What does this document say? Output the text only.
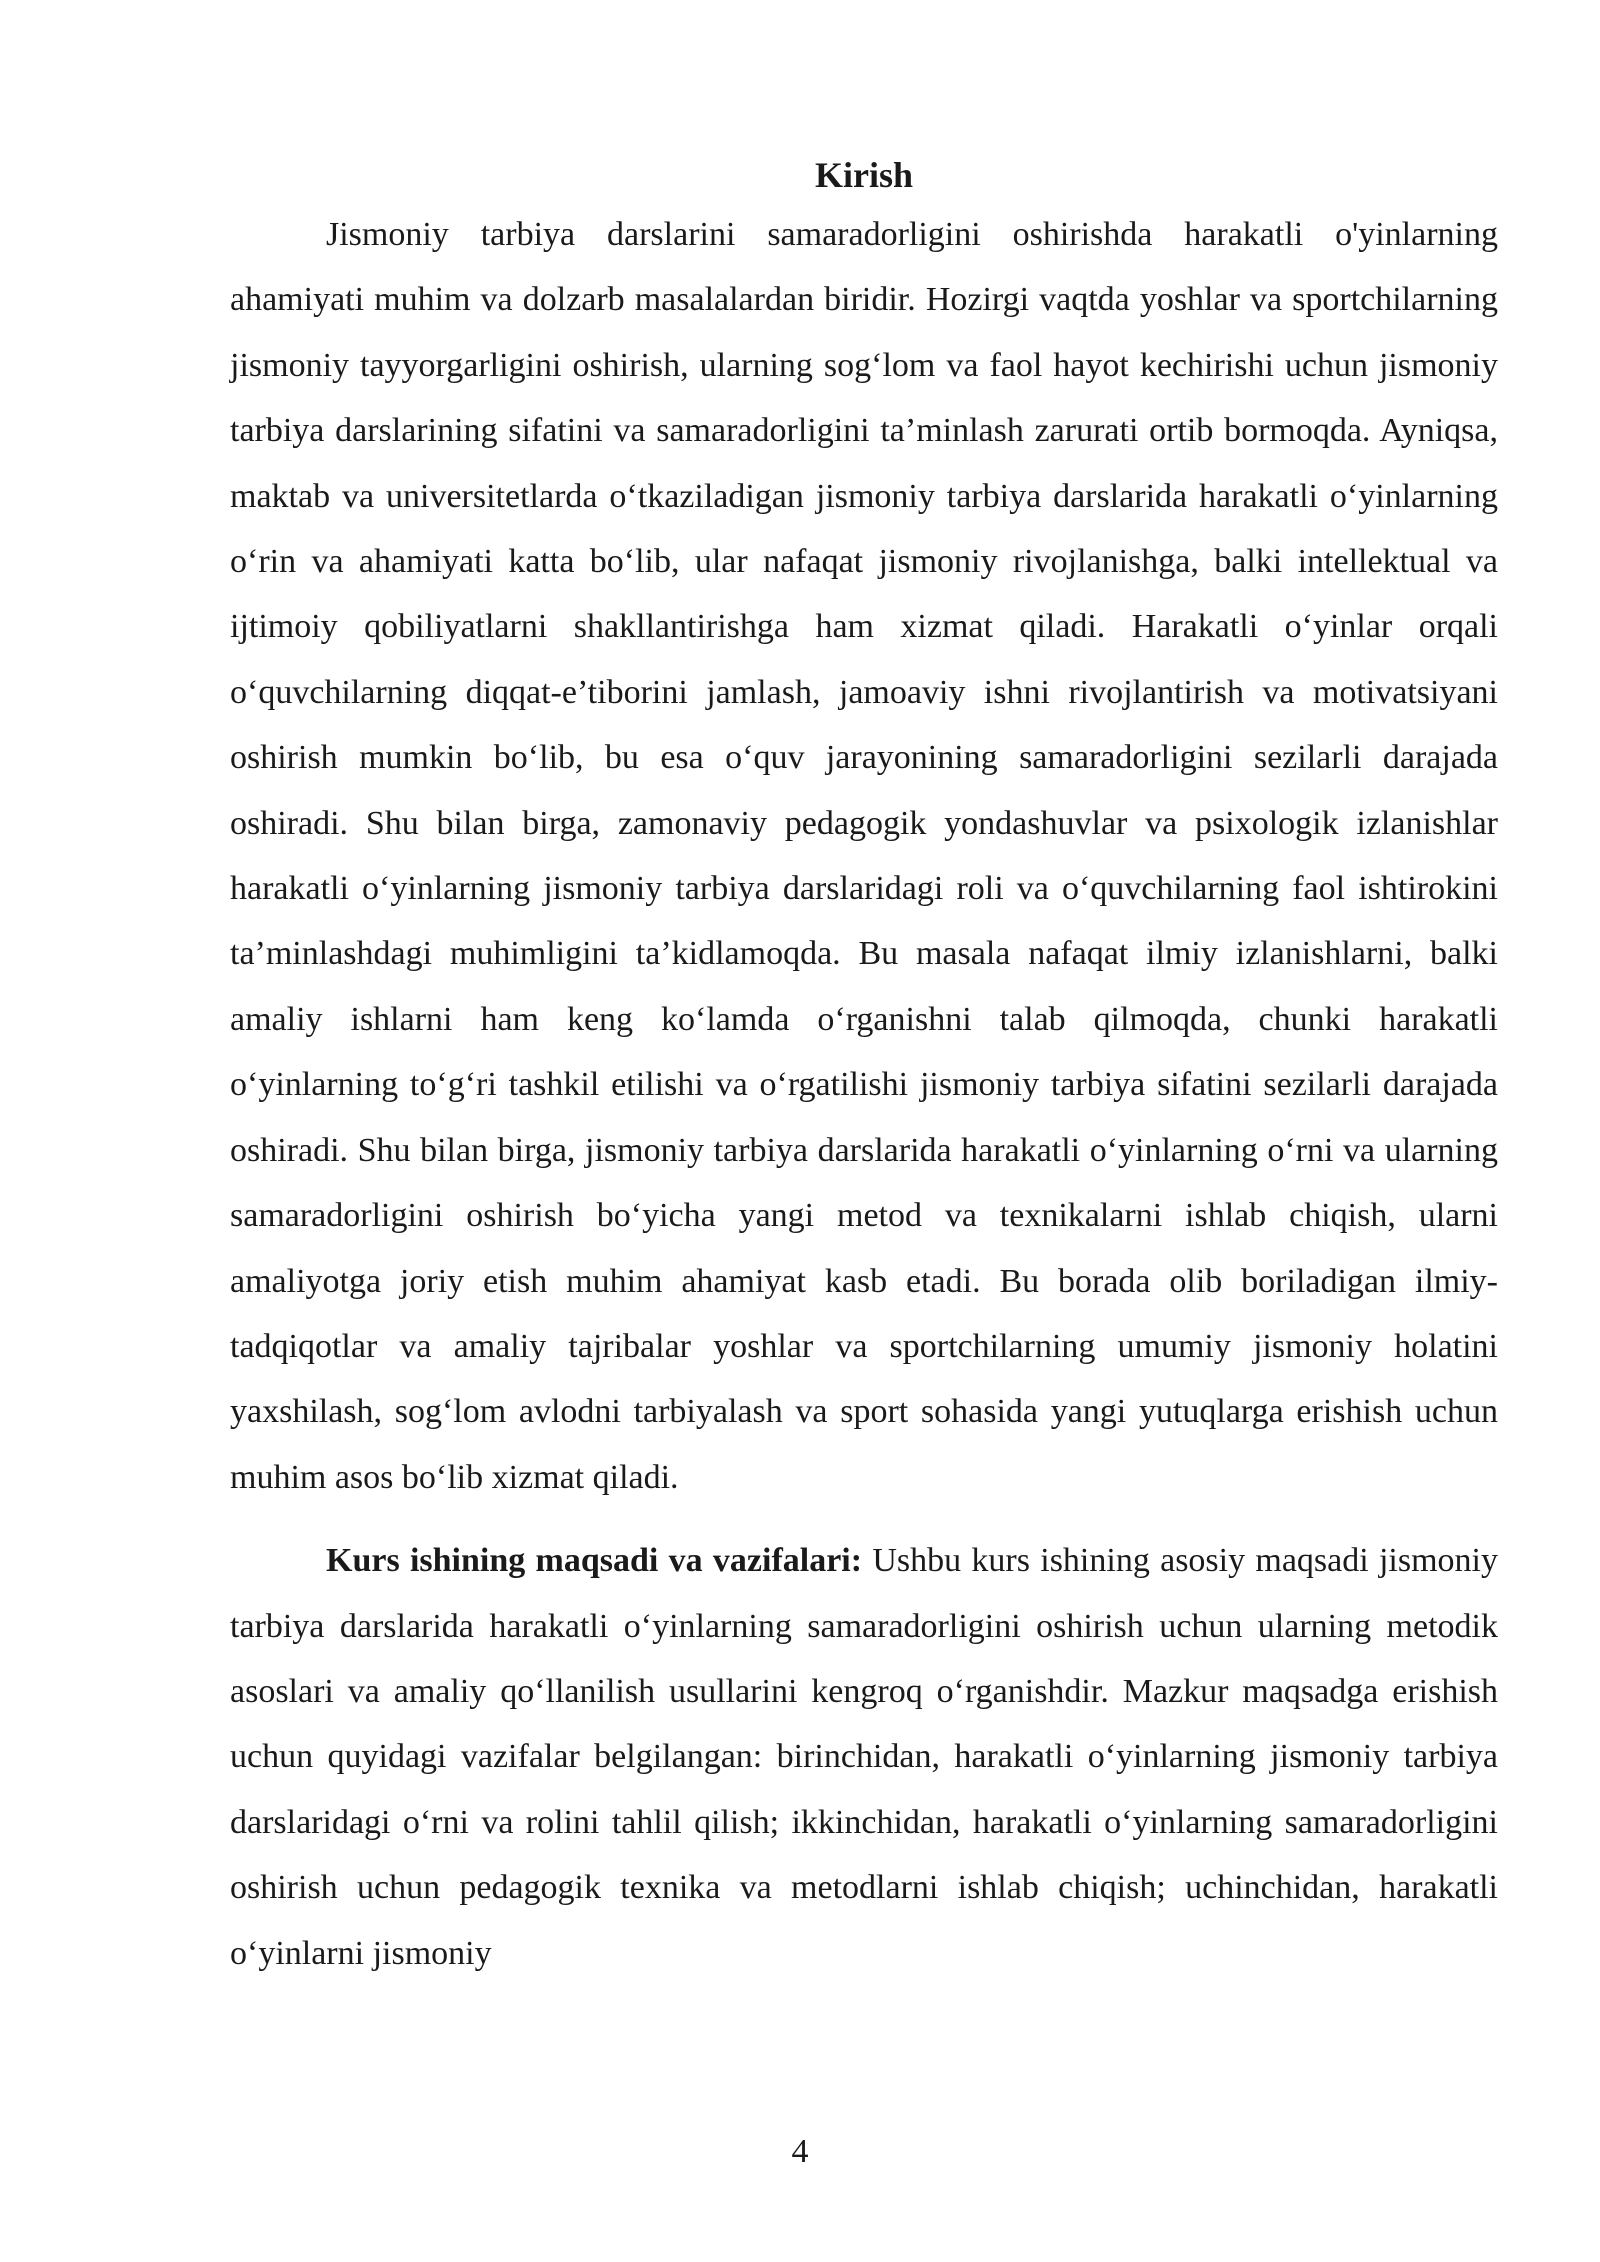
Kirish

Jismoniy tarbiya darslarini samaradorligini oshirishda harakatli o'yinlarning ahamiyati muhim va dolzarb masalalardan biridir. Hozirgi vaqtda yoshlar va sportchilarning jismoniy tayyorgarligini oshirish, ularning sog‘lom va faol hayot kechirishi uchun jismoniy tarbiya darslarining sifatini va samaradorligini ta’minlash zarurati ortib bormoqda. Ayniqsa, maktab va universitetlarda o‘tkaziladigan jismoniy tarbiya darslarida harakatli o‘yinlarning o‘rin va ahamiyati katta bo‘lib, ular nafaqat jismoniy rivojlanishga, balki intellektual va ijtimoiy qobiliyatlarni shakllantirishga ham xizmat qiladi. Harakatli o‘yinlar orqali o‘quvchilarning diqqat-e’tiborini jamlash, jamoaviy ishni rivojlantirish va motivatsiyani oshirish mumkin bo‘lib, bu esa o‘quv jarayonining samaradorligini sezilarli darajada oshiradi. Shu bilan birga, zamonaviy pedagogik yondashuvlar va psixologik izlanishlar harakatli o‘yinlarning jismoniy tarbiya darslaridagi roli va o‘quvchilarning faol ishtirokini ta’minlashdagi muhimligini ta’kidlamoqda. Bu masala nafaqat ilmiy izlanishlarni, balki amaliy ishlarni ham keng ko‘lamda o‘rganishni talab qilmoqda, chunki harakatli o‘yinlarning to‘g‘ri tashkil etilishi va o‘rgatilishi jismoniy tarbiya sifatini sezilarli darajada oshiradi. Shu bilan birga, jismoniy tarbiya darslarida harakatli o‘yinlarning o‘rni va ularning samaradorligini oshirish bo‘yicha yangi metod va texnikalarni ishlab chiqish, ularni amaliyotga joriy etish muhim ahamiyat kasb etadi. Bu borada olib boriladigan ilmiy-tadqiqotlar va amaliy tajribalar yoshlar va sportchilarning umumiy jismoniy holatini yaxshilash, sog‘lom avlodni tarbiyalash va sport sohasida yangi yutuqlarga erishish uchun muhim asos bo‘lib xizmat qiladi.

Kurs ishining maqsadi va vazifalari: Ushbu kurs ishining asosiy maqsadi jismoniy tarbiya darslarida harakatli o‘yinlarning samaradorligini oshirish uchun ularning metodik asoslari va amaliy qo‘llanilish usullarini kengroq o‘rganishdir. Mazkur maqsadga erishish uchun quyidagi vazifalar belgilangan: birinchidan, harakatli o‘yinlarning jismoniy tarbiya darslaridagi o‘rni va rolini tahlil qilish; ikkinchidan, harakatli o‘yinlarning samaradorligini oshirish uchun pedagogik texnika va metodlarni ishlab chiqish; uchinchidan, harakatli o‘yinlarni jismoniy

4
